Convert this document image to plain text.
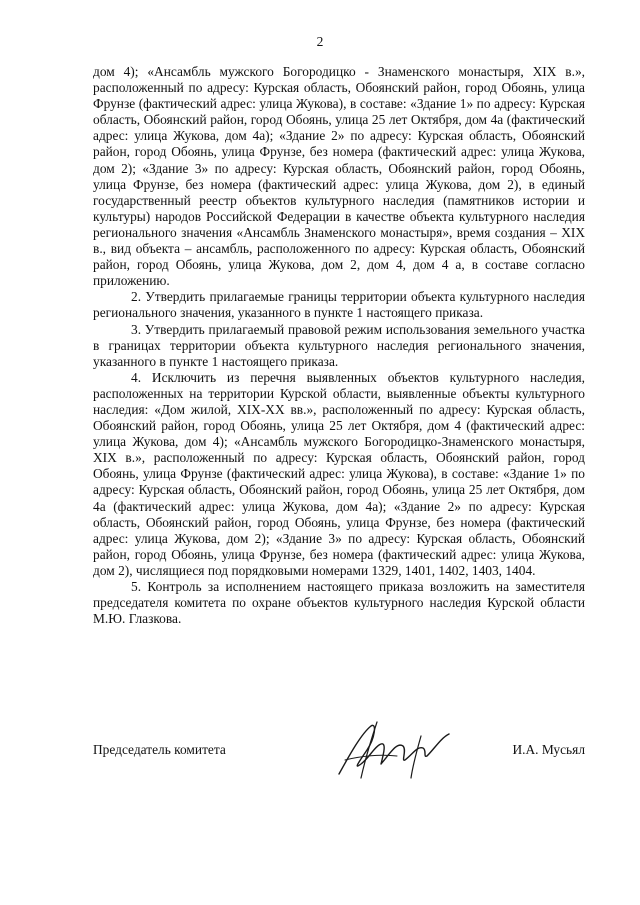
2

дом 4); «Ансамбль мужского Богородицко - Знаменского монастыря, XIX в.», расположенный по адресу: Курская область, Обоянский район, город Обоянь, улица Фрунзе (фактический адрес: улица Жукова), в составе: «Здание 1» по адресу: Курская область, Обоянский район, город Обоянь, улица 25 лет Октября, дом 4а (фактический адрес: улица Жукова, дом 4а); «Здание 2» по адресу: Курская область, Обоянский район, город Обоянь, улица Фрунзе, без номера (фактический адрес: улица Жукова, дом 2); «Здание 3» по адресу: Курская область, Обоянский район, город Обоянь, улица Фрунзе, без номера (фактический адрес: улица Жукова, дом 2), в единый государственный реестр объектов культурного наследия (памятников истории и культуры) народов Российской Федерации в качестве объекта культурного наследия регионального значения «Ансамбль Знаменского монастыря», время создания – XIX в., вид объекта – ансамбль, расположенного по адресу: Курская область, Обоянский район, город Обоянь, улица Жукова, дом 2, дом 4, дом 4 а, в составе согласно приложению.

2. Утвердить прилагаемые границы территории объекта культурного наследия регионального значения, указанного в пункте 1 настоящего приказа.

3. Утвердить прилагаемый правовой режим использования земельного участка в границах территории объекта культурного наследия регионального значения, указанного в пункте 1 настоящего приказа.

4. Исключить из перечня выявленных объектов культурного наследия, расположенных на территории Курской области, выявленные объекты культурного наследия: «Дом жилой, XIX-XX вв.», расположенный по адресу: Курская область, Обоянский район, город Обоянь, улица 25 лет Октября, дом 4 (фактический адрес: улица Жукова, дом 4); «Ансамбль мужского Богородицко-Знаменского монастыря, XIX в.», расположенный по адресу: Курская область, Обоянский район, город Обоянь, улица Фрунзе (фактический адрес: улица Жукова), в составе: «Здание 1» по адресу: Курская область, Обоянский район, город Обоянь, улица 25 лет Октября, дом 4а (фактический адрес: улица Жукова, дом 4а); «Здание 2» по адресу: Курская область, Обоянский район, город Обоянь, улица Фрунзе, без номера (фактический адрес: улица Жукова, дом 2); «Здание 3» по адресу: Курская область, Обоянский район, город Обоянь, улица Фрунзе, без номера (фактический адрес: улица Жукова, дом 2), числящиеся под порядковыми номерами 1329, 1401, 1402, 1403, 1404.

5. Контроль за исполнением настоящего приказа возложить на заместителя председателя комитета по охране объектов культурного наследия Курской области М.Ю. Глазкова.

Председатель комитета	И.А. Мусьял
